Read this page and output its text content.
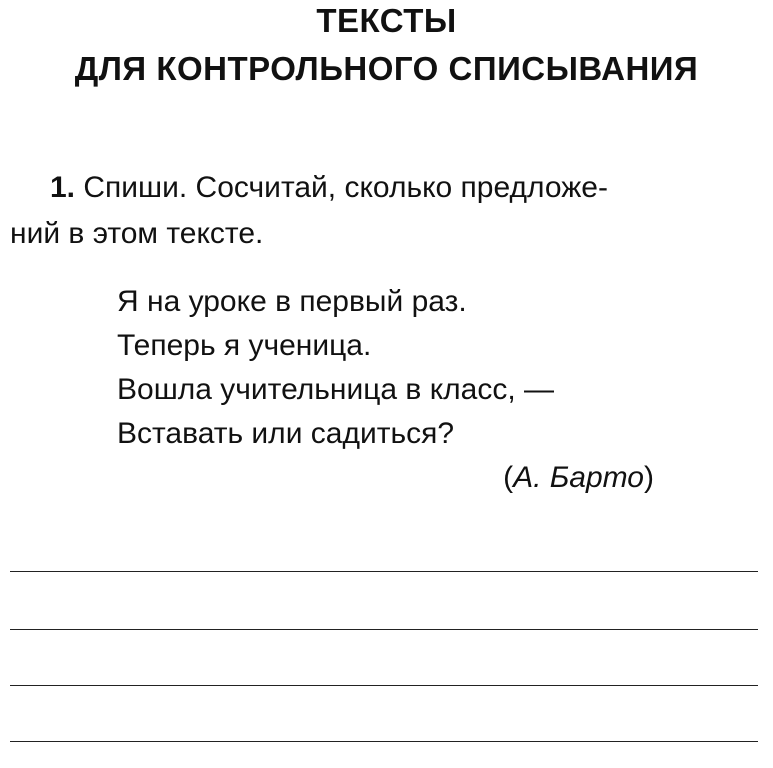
ТЕКСТЫ
ДЛЯ КОНТРОЛЬНОГО СПИСЫВАНИЯ
1. Спиши. Сосчитай, сколько предложе-
ний в этом тексте.
Я на уроке в первый раз.
Теперь я ученица.
Вошла учительница в класс, —
Вставать или садиться?
(А. Барто)
